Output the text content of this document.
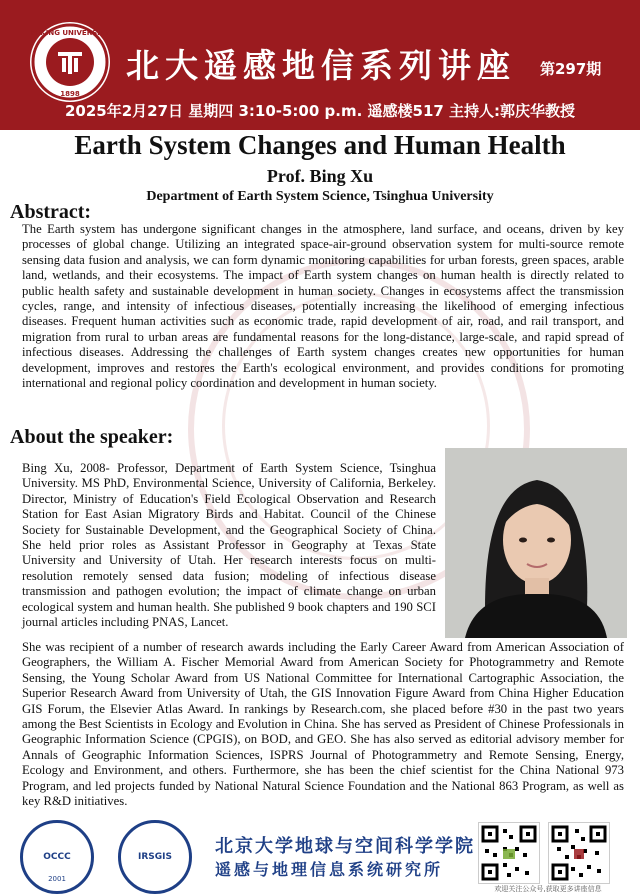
PEKING UNIVERSITY
1898
北大遥感地信系列讲座 第297期
2025年2月27日 星期四 3:10-5:00 p.m. 遥感楼517 主持人:郭庆华教授
Earth System Changes and Human Health
Prof. Bing Xu
Department of Earth System Science, Tsinghua University
Abstract:
The Earth system has undergone significant changes in the atmosphere, land surface, and oceans, driven by key processes of global change. Utilizing an integrated space-air-ground observation system for multi-source remote sensing data fusion and analysis, we can form dynamic monitoring capabilities for urban forests, green spaces, arable land, wetlands, and their ecosystems. The impact of Earth system changes on human health is directly related to public health safety and sustainable development in human society. Changes in ecosystems affect the transmission cycles, range, and intensity of infectious diseases, potentially increasing the likelihood of emerging infectious diseases. Frequent human activities such as economic trade, rapid development of air, road, and rail transport, and migration from rural to urban areas are fundamental reasons for the long-distance, large-scale, and rapid spread of infectious diseases. Addressing the challenges of Earth system changes creates new opportunities for human development, improves and restores the Earth's ecological environment, and provides conditions for promoting international and regional policy coordination and development in human society.
About the speaker:
Bing Xu, 2008- Professor, Department of Earth System Science, Tsinghua University. MS PhD, Environmental Science, University of California, Berkeley. Director, Ministry of Education's Field Ecological Observation and Research Station for East Asian Migratory Birds and Habitat. Council of the Chinese Society for Sustainable Development, and the Geographical Society of China. She held prior roles as Assistant Professor in Geography at Texas State University and University of Utah. Her research interests focus on multi-resolution remotely sensed data fusion; modeling of infectious disease transmission and pathogen evolution; the impact of climate change on urban ecological system and human health. She published 9 book chapters and 190 SCI journal articles including PNAS, Lancet.
She was recipient of a number of research awards including the Early Career Award from American Association of Geographers, the William A. Fischer Memorial Award from American Society for Photogrammetry and Remote Sensing, the Young Scholar Award from US National Committee for International Cartographic Association, the Superior Research Award from University of Utah, the GIS Innovation Figure Award from China Higher Education GIS Forum, the Elsevier Atlas Award. In rankings by Research.com, she placed before #30 in the past two years among the Best Scientists in Ecology and Evolution in China. She has served as President of Chinese Professionals in Geographic Information Science (CPGIS), on BOD, and GEO. She has also served as editorial advisory member for Annals of Geographic Information Sciences, ISPRS Journal of Photogrammetry and Remote Sensing, Energy, Ecology and Environment, and others. Furthermore, she has been the chief scientist for the China National 973 Program, and led projects funded by National Natural Science Foundation and the National 863 Program, as well as key R&D initiatives.
ОССС
2001
IRSGIS 北京大学地球与空间科学学院
遥感与地理信息系统研究所
欢迎关注公众号,获取更多讲座信息
